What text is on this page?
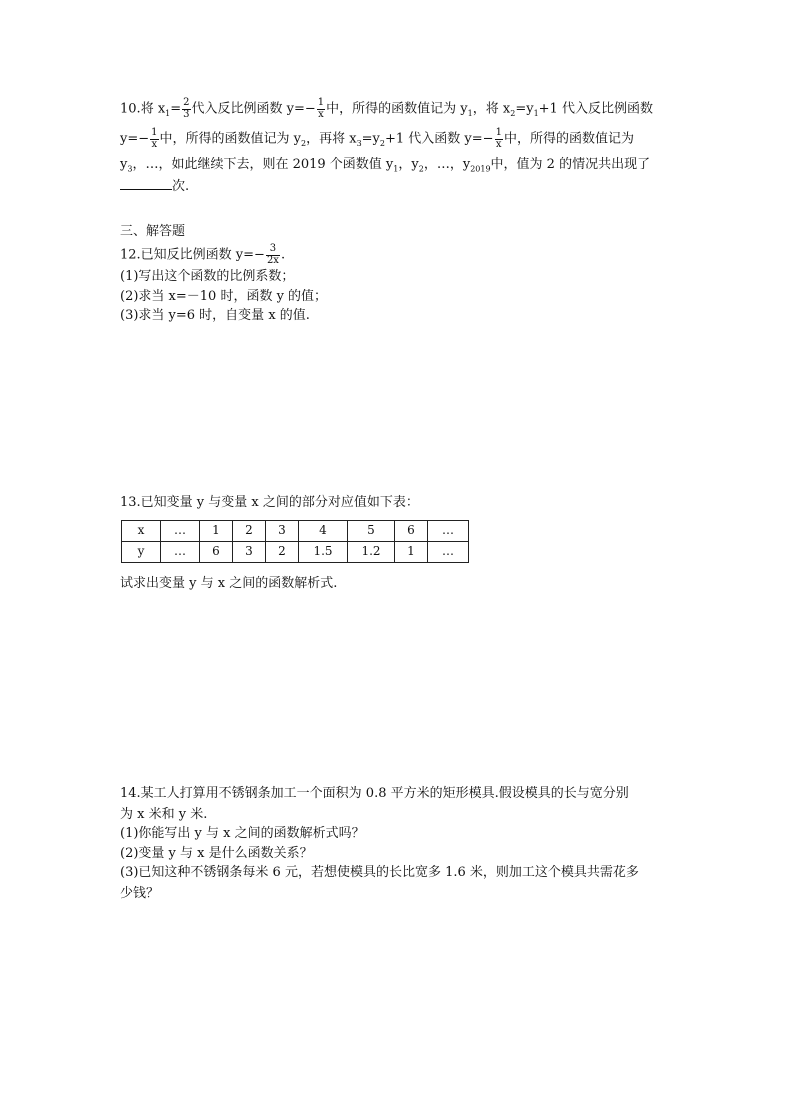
10.将 $x_1= \frac{2}{3}$ 代入反比例函数 $y=- \frac{1}{x}$ 中，所得的函数值记为 $y_1$，将 $x_2=y_1+1$ 代入反比例函数
$y=- \frac{1}{x}$ 中，所得的函数值记为 $y_2$，再将 $x_3=y_2+1$ 代入函数 $y=- \frac{1}{x}$ 中，所得的函数值记为
$y_3$，…，如此继续下去，则在 2019 个函数值 $y_1$，$y_2$，…，$y_{2019}$中，值为 2 的情况共出现了
次.
三、解答题
12.已知反比例函数 $y=- \frac{3}{2x}$ .
(1)写出这个函数的比例系数；
(2)求当 x=－10 时，函数 y 的值；
(3)求当 y=6 时，自变量 x 的值.
13.已知变量 y 与变量 x 之间的部分对应值如下表：
x	…	1	2	3	4	5	6	…
y	…	6	3	2	1.5	1.2	1	…
试求出变量 y 与 x 之间的函数解析式.
14.某工人打算用不锈钢条加工一个面积为 0.8 平方米的矩形模具.假设模具的长与宽分别
为 x 米和 y 米.
(1)你能写出 y 与 x 之间的函数解析式吗？
(2)变量 y 与 x 是什么函数关系？
(3)已知这种不锈钢条每米 6 元，若想使模具的长比宽多 1.6 米，则加工这个模具共需花多
少钱？
